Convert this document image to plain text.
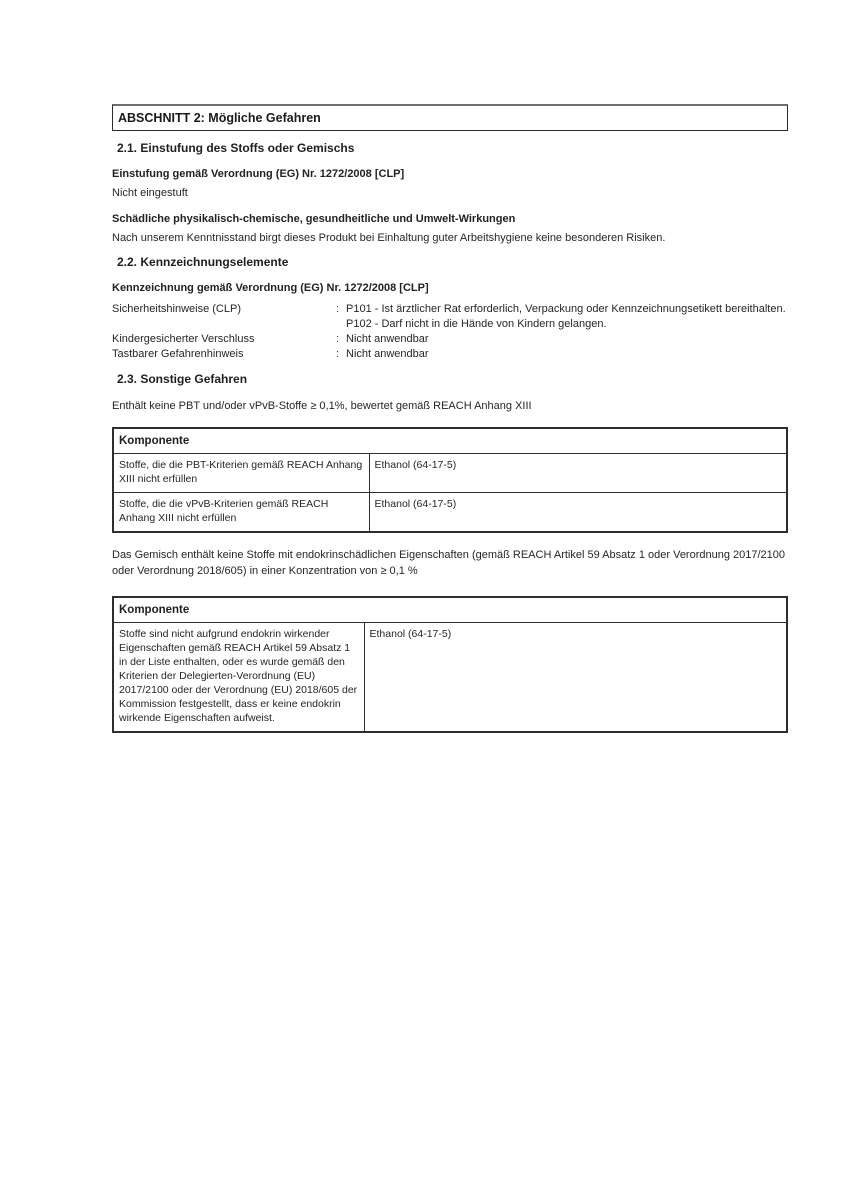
ABSCHNITT 2: Mögliche Gefahren
2.1. Einstufung des Stoffs oder Gemischs

Einstufung gemäß Verordnung (EG) Nr. 1272/2008 [CLP]

Nicht eingestuft

Schädliche physikalisch-chemische, gesundheitliche und Umwelt-Wirkungen

Nach unserem Kenntnisstand birgt dieses Produkt bei Einhaltung guter Arbeitshygiene keine besonderen Risiken.

2.2. Kennzeichnungselemente

Kennzeichnung gemäß Verordnung (EG) Nr. 1272/2008 [CLP]

Sicherheitshinweise (CLP)	: P101 - Ist ärztlicher Rat erforderlich, Verpackung oder Kennzeichnungsetikett bereithalten.
P102 - Darf nicht in die Hände von Kindern gelangen.
Kindergesicherter Verschluss	: Nicht anwendbar
Tastbarer Gefahrenhinweis	: Nicht anwendbar
2.3. Sonstige Gefahren

Enthält keine PBT und/oder vPvB-Stoffe ≥ 0,1%, bewertet gemäß REACH Anhang XIII

Komponente	
Stoffe, die die PBT-Kriterien gemäß REACH Anhang XIII nicht erfüllen	Ethanol (64-17-5)
Stoffe, die die vPvB-Kriterien gemäß REACH Anhang XIII nicht erfüllen	Ethanol (64-17-5)

Das Gemisch enthält keine Stoffe mit endokrinschädlichen Eigenschaften (gemäß REACH Artikel 59 Absatz 1 oder Verordnung 2017/2100 oder Verordnung 2018/605) in einer Konzentration von ≥ 0,1 %

Komponente
Stoffe sind nicht aufgrund endokrin wirkender Eigenschaften gemäß REACH Artikel 59 Absatz 1 in der Liste enthalten, oder es wurde gemäß den Kriterien der Delegierten-Verordnung (EU) 2017/2100 oder der Verordnung (EU) 2018/605 der Kommission festgestellt, dass er keine endokrin wirkende Eigenschaften aufweist.	Ethanol (64-17-5)
